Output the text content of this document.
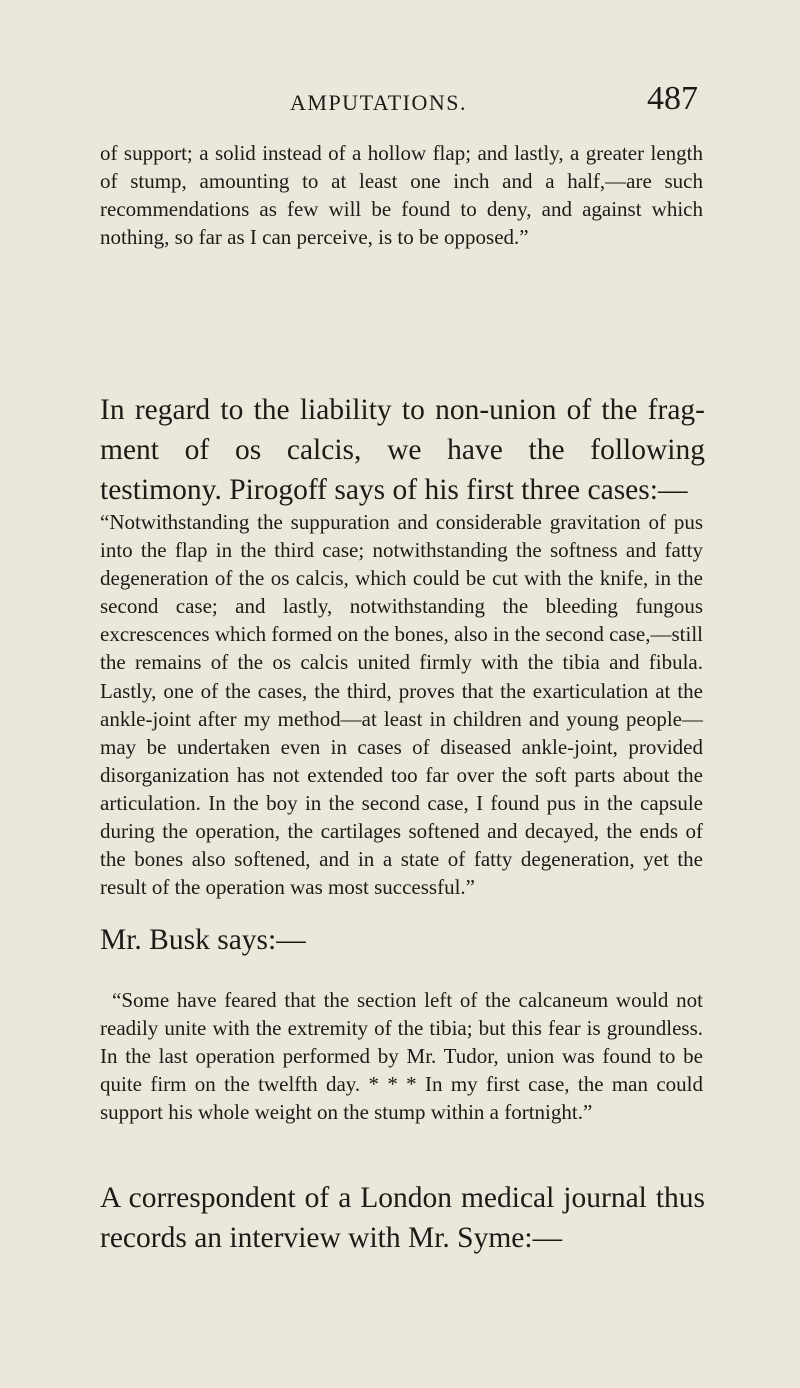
AMPUTATIONS.	487

of support; a solid instead of a hollow flap; and lastly, a greater length of stump, amounting to at least one inch and a half,—are such recommendations as few will be found to deny, and against which nothing, so far as I can perceive, is to be opposed.”

In regard to the liability to non-union of the fragment of os calcis, we have the following testimony. Pirogoff says of his first three cases:—

“Notwithstanding the suppuration and considerable gravitation of pus into the flap in the third case; notwithstanding the softness and fatty degeneration of the os calcis, which could be cut with the knife, in the second case; and lastly, notwithstanding the bleeding fungous excrescences which formed on the bones, also in the second case,—still the remains of the os calcis united firmly with the tibia and fibula. Lastly, one of the cases, the third, proves that the exarticulation at the ankle-joint after my method—at least in children and young people—may be undertaken even in cases of diseased ankle-joint, provided disorganization has not extended too far over the soft parts about the articulation. In the boy in the second case, I found pus in the capsule during the operation, the cartilages softened and decayed, the ends of the bones also softened, and in a state of fatty degeneration, yet the result of the operation was most successful.”

Mr. Busk says:—

“Some have feared that the section left of the calcaneum would not readily unite with the extremity of the tibia; but this fear is groundless. In the last operation performed by Mr. Tudor, union was found to be quite firm on the twelfth day. * * * In my first case, the man could support his whole weight on the stump within a fortnight.”

A correspondent of a London medical journal thus records an interview with Mr. Syme:—
